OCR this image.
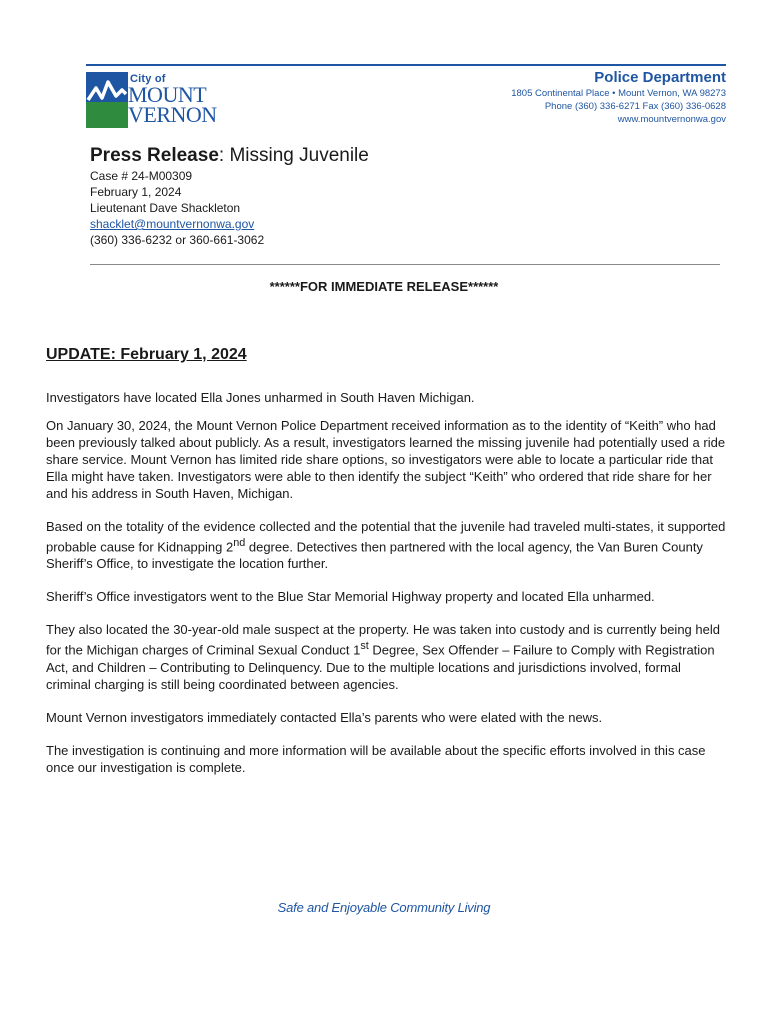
City of
MOUNT
VERNON
Police Department
1805 Continental Place • Mount Vernon, WA 98273
Phone (360) 336-6271 Fax (360) 336-0628
www.mountvernonwa.gov
Press Release: Missing Juvenile
Case # 24-M00309
February 1, 2024
Lieutenant Dave Shackleton
shacklet@mountvernonwa.gov
(360) 336-6232 or 360-661-3062
******FOR IMMEDIATE RELEASE******
UPDATE: February 1, 2024

Investigators have located Ella Jones unharmed in South Haven Michigan.

On January 30, 2024, the Mount Vernon Police Department received information as to the identity of “Keith” who had been previously talked about publicly. As a result, investigators learned the missing juvenile had potentially used a ride share service. Mount Vernon has limited ride share options, so investigators were able to locate a particular ride that Ella might have taken. Investigators were able to then identify the subject “Keith” who ordered that ride share for her and his address in South Haven, Michigan.

Based on the totality of the evidence collected and the potential that the juvenile had traveled multi-states, it supported probable cause for Kidnapping 2nd degree. Detectives then partnered with the local agency, the Van Buren County Sheriff’s Office, to investigate the location further.

Sheriff’s Office investigators went to the Blue Star Memorial Highway property and located Ella unharmed.

They also located the 30-year-old male suspect at the property. He was taken into custody and is currently being held for the Michigan charges of Criminal Sexual Conduct 1st Degree, Sex Offender – Failure to Comply with Registration Act, and Children – Contributing to Delinquency. Due to the multiple locations and jurisdictions involved, formal criminal charging is still being coordinated between agencies.

Mount Vernon investigators immediately contacted Ella’s parents who were elated with the news.

The investigation is continuing and more information will be available about the specific efforts involved in this case once our investigation is complete.

Safe and Enjoyable Community Living
